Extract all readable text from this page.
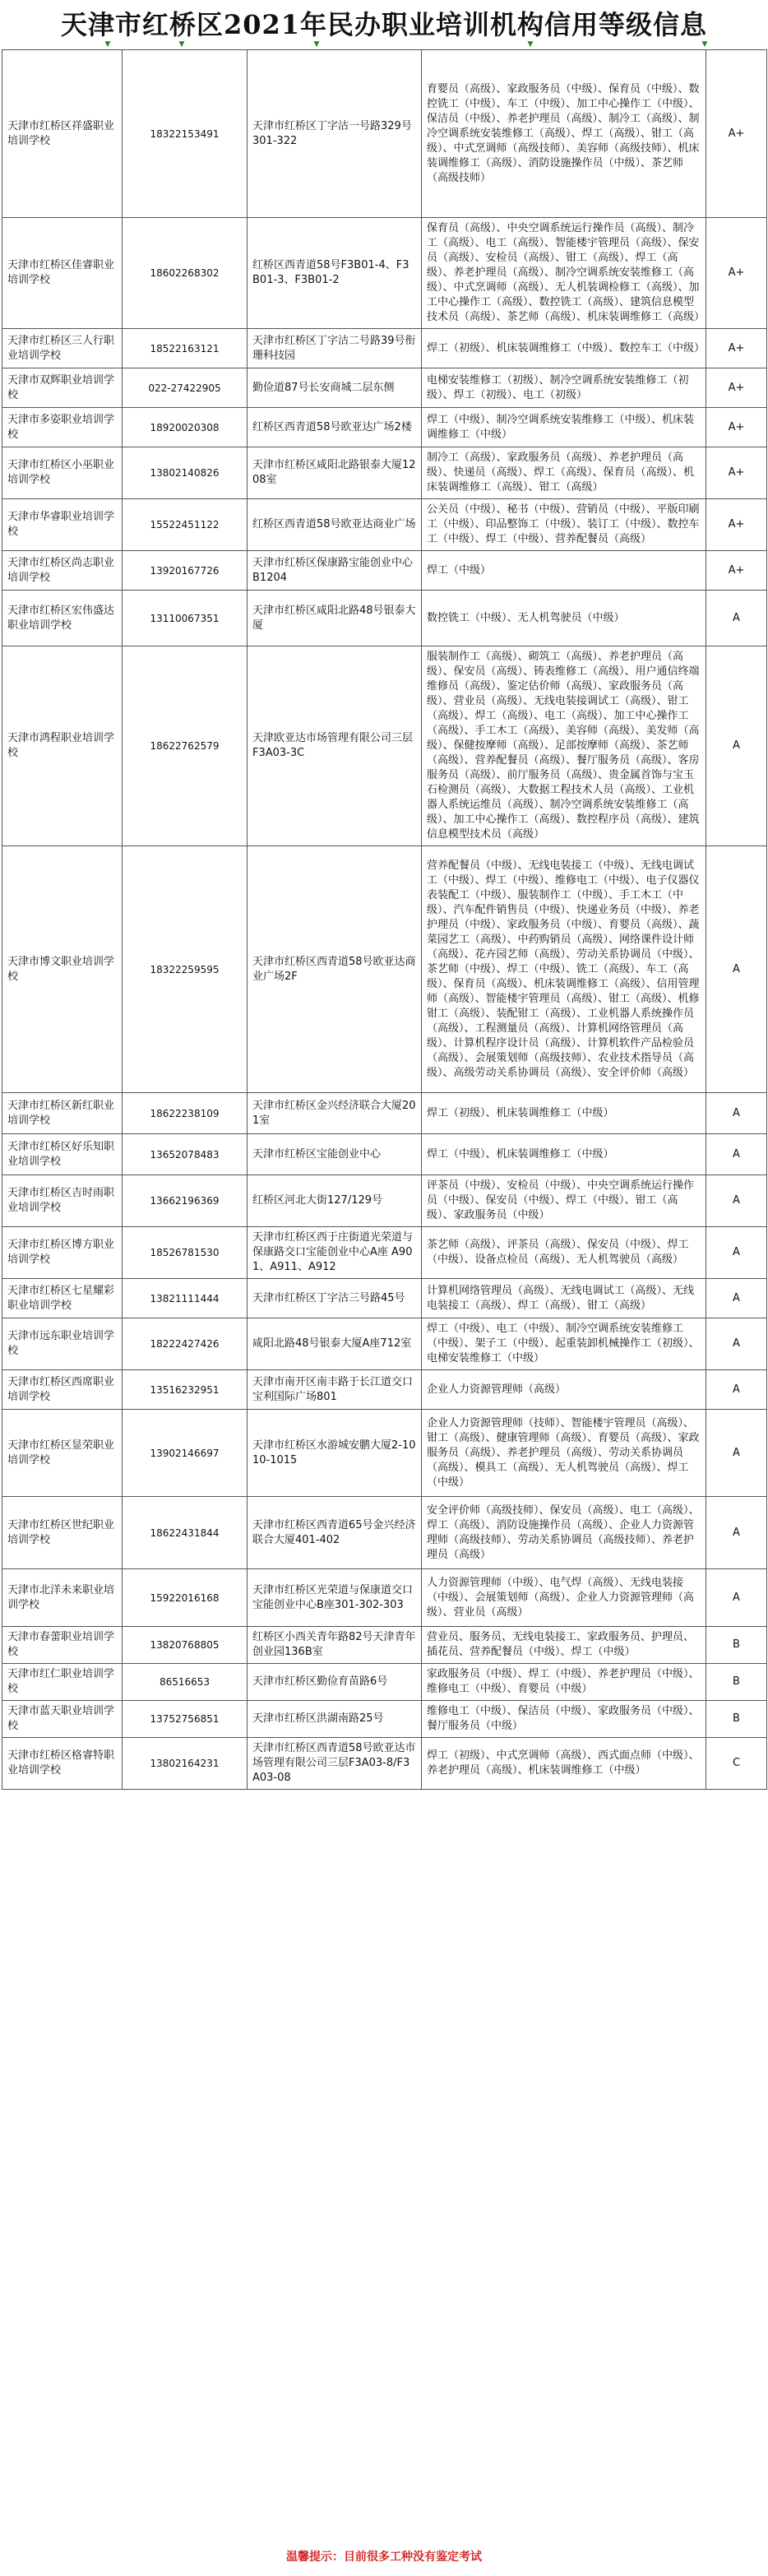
天津市红桥区2021年民办职业培训机构信用等级信息
▼	▼	▼	▼	▼
天津市红桥区祥盛职业培训学校	18322153491	天津市红桥区丁字沽一号路329号301-322	育婴员（高级）、家政服务员（中级）、保育员（中级）、数控铣工（中级）、车工（中级）、加工中心操作工（中级）、保洁员（中级）、养老护理员（高级）、制冷工（高级）、制冷空调系统安装维修工（高级）、焊工（高级）、钳工（高级）、中式烹调师（高级技师）、美容师（高级技师）、机床装调维修工（高级）、消防设施操作员（中级）、茶艺师（高级技师）	A+
天津市红桥区佳睿职业培训学校	18602268302	红桥区西青道58号F3B01-4、F3B01-3、F3B01-2	保育员（高级）、中央空调系统运行操作员（高级）、制冷工（高级）、电工（高级）、智能楼宇管理员（高级）、保安员（高级）、安检员（高级）、钳工（高级）、焊工（高级）、养老护理员（高级）、制冷空调系统安装维修工（高级）、中式烹调师（高级）、无人机装调检修工（高级）、加工中心操作工（高级）、数控铣工（高级）、建筑信息模型技术员（高级）、茶艺师（高级）、机床装调维修工（高级）	A+
天津市红桥区三人行职业培训学校	18522163121	天津市红桥区丁字沽二号路39号衔珊科技园	焊工（初级）、机床装调维修工（中级）、数控车工（中级）	A+
天津市双辉职业培训学校	022-27422905	勤俭道87号长安商城二层东侧	电梯安装维修工（初级）、制冷空调系统安装维修工（初级）、焊工（初级）、电工（初级）	A+
天津市多姿职业培训学校	18920020308	红桥区西青道58号欧亚达广场2楼	焊工（中级）、制冷空调系统安装维修工（中级）、机床装调维修工（中级）	A+
天津市红桥区小巫职业培训学校	13802140826	天津市红桥区咸阳北路银泰大厦1208室	制冷工（高级）、家政服务员（高级）、养老护理员（高级）、快递员（高级）、焊工（高级）、保育员（高级）、机床装调维修工（高级）、钳工（高级）	A+
天津市华睿职业培训学校	15522451122	红桥区西青道58号欧亚达商业广场	公关员（中级）、秘书（中级）、营销员（中级）、平版印刷工（中级）、印品整饰工（中级）、装订工（中级）、数控车工（中级）、焊工（中级）、营养配餐员（高级）	A+
天津市红桥区尚志职业培训学校	13920167726	天津市红桥区保康路宝能创业中心B1204	焊工（中级）	A+
天津市红桥区宏伟盛达职业培训学校	13110067351	天津市红桥区咸阳北路48号银泰大厦	数控铣工（中级）、无人机驾驶员（中级）	A
天津市鸿程职业培训学校	18622762579	天津欧亚达市场管理有限公司三层F3A03-3C	服装制作工（高级）、砌筑工（高级）、养老护理员（高级）、保安员（高级）、铸表维修工（高级）、用户通信终端维修员（高级）、鉴定估价师（高级）、家政服务员（高级）、营业员（高级）、无线电装接调试工（高级）、钳工（高级）、焊工（高级）、电工（高级）、加工中心操作工（高级）、手工木工（高级）、美容师（高级）、美发师（高级）、保健按摩师（高级）、足部按摩师（高级）、茶艺师（高级）、营养配餐员（高级）、餐厅服务员（高级）、客房服务员（高级）、前厅服务员（高级）、贵金属首饰与宝玉石检测员（高级）、大数据工程技术人员（高级）、工业机器人系统运维员（高级）、制冷空调系统安装维修工（高级）、加工中心操作工（高级）、数控程序员（高级）、建筑信息模型技术员（高级）	A
天津市博文职业培训学校	18322259595	天津市红桥区西青道58号欧亚达商业广场2F	营养配餐员（中级）、无线电装接工（中级）、无线电调试工（中级）、焊工（中级）、维修电工（中级）、电子仪器仪表装配工（中级）、服装制作工（中级）、手工木工（中级）、汽车配件销售员（中级）、快递业务员（中级）、养老护理员（中级）、家政服务员（中级）、育婴员（高级）、蔬菜园艺工（高级）、中药购销员（高级）、网络课件设计师（高级）、花卉园艺师（高级）、劳动关系协调员（中级）、茶艺师（中级）、焊工（中级）、铣工（高级）、车工（高级）、保育员（高级）、机床装调维修工（高级）、信用管理师（高级）、智能楼宇管理员（高级）、钳工（高级）、机修钳工（高级）、装配钳工（高级）、工业机器人系统操作员（高级）、工程测量员（高级）、计算机网络管理员（高级）、计算机程序设计员（高级）、计算机软件产品检验员（高级）、会展策划师（高级技师）、农业技术指导员（高级）、高级劳动关系协调员（高级）、安全评价师（高级）	A
天津市红桥区新红职业培训学校	18622238109	天津市红桥区金兴经济联合大厦201室	焊工（初级）、机床装调维修工（中级）	A
天津市红桥区好乐知职业培训学校	13652078483	天津市红桥区宝能创业中心	焊工（中级）、机床装调维修工（中级）	A
天津市红桥区吉时雨职业培训学校	13662196369	红桥区河北大街127/129号	评茶员（中级）、安检员（中级）、中央空调系统运行操作员（中级）、保安员（中级）、焊工（中级）、钳工（高级）、家政服务员（中级）	A
天津市红桥区博方职业培训学校	18526781530	天津市红桥区西于庄街道光荣道与保康路交口宝能创业中心A座 A901、A911、A912	茶艺师（高级）、评茶员（高级）、保安员（中级）、焊工（中级）、设备点检员（高级）、无人机驾驶员（高级）	A
天津市红桥区七星耀彩职业培训学校	13821111444	天津市红桥区丁字沽三号路45号	计算机网络管理员（高级）、无线电调试工（高级）、无线电装接工（高级）、焊工（高级）、钳工（高级）	A
天津市远东职业培训学校	18222427426	咸阳北路48号银泰大厦A座712室	焊工（中级）、电工（中级）、制冷空调系统安装维修工（中级）、架子工（中级）、起重装卸机械操作工（初级）、电梯安装维修工（中级）	A
天津市红桥区西席职业培训学校	13516232951	天津市南开区南丰路于长江道交口宝利国际广场801	企业人力资源管理师（高级）	A
天津市红桥区显荣职业培训学校	13902146697	天津市红桥区水游城安鹏大厦2-1010-1015	企业人力资源管理师（技师）、智能楼宇管理员（高级）、钳工（高级）、健康管理师（高级）、育婴员（高级）、家政服务员（高级）、养老护理员（高级）、劳动关系协调员（高级）、模具工（高级）、无人机驾驶员（高级）、焊工（中级）	A
天津市红桥区世纪职业培训学校	18622431844	天津市红桥区西青道65号金兴经济联合大厦401-402	安全评价师（高级技师）、保安员（高级）、电工（高级）、焊工（高级）、消防设施操作员（高级）、企业人力资源管理师（高级技师）、劳动关系协调员（高级技师）、养老护理员（高级）	A
天津市北洋未来职业培训学校	15922016168	天津市红桥区光荣道与保康道交口宝能创业中心B座301-302-303	人力资源管理师（中级）、电气焊（高级）、无线电装接（中级）、会展策划师（高级）、企业人力资源管理师（高级）、营业员（高级）	A
天津市春蕾职业培训学校	13820768805	红桥区小西关青年路82号天津青年创业园136B室	营业员、服务员、无线电装接工、家政服务员、护理员、插花员、营养配餐员（中级）、焊工（中级）	B
天津市红仁职业培训学校	86516653	天津市红桥区勤俭育苗路6号	家政服务员（中级）、焊工（中级）、养老护理员（中级）、维修电工（中级）、育婴员（中级）	B
天津市蓝天职业培训学校	13752756851	天津市红桥区洪湖南路25号	维修电工（中级）、保洁员（中级）、家政服务员（中级）、餐厅服务员（中级）	B
天津市红桥区格睿特职业培训学校	13802164231	天津市红桥区西青道58号欧亚达市场管理有限公司三层F3A03-8/F3A03-08	焊工（初级）、中式烹调师（高级）、西式面点师（中级）、养老护理员（高级）、机床装调维修工（中级）	C
温馨提示：目前很多工种没有鉴定考试
